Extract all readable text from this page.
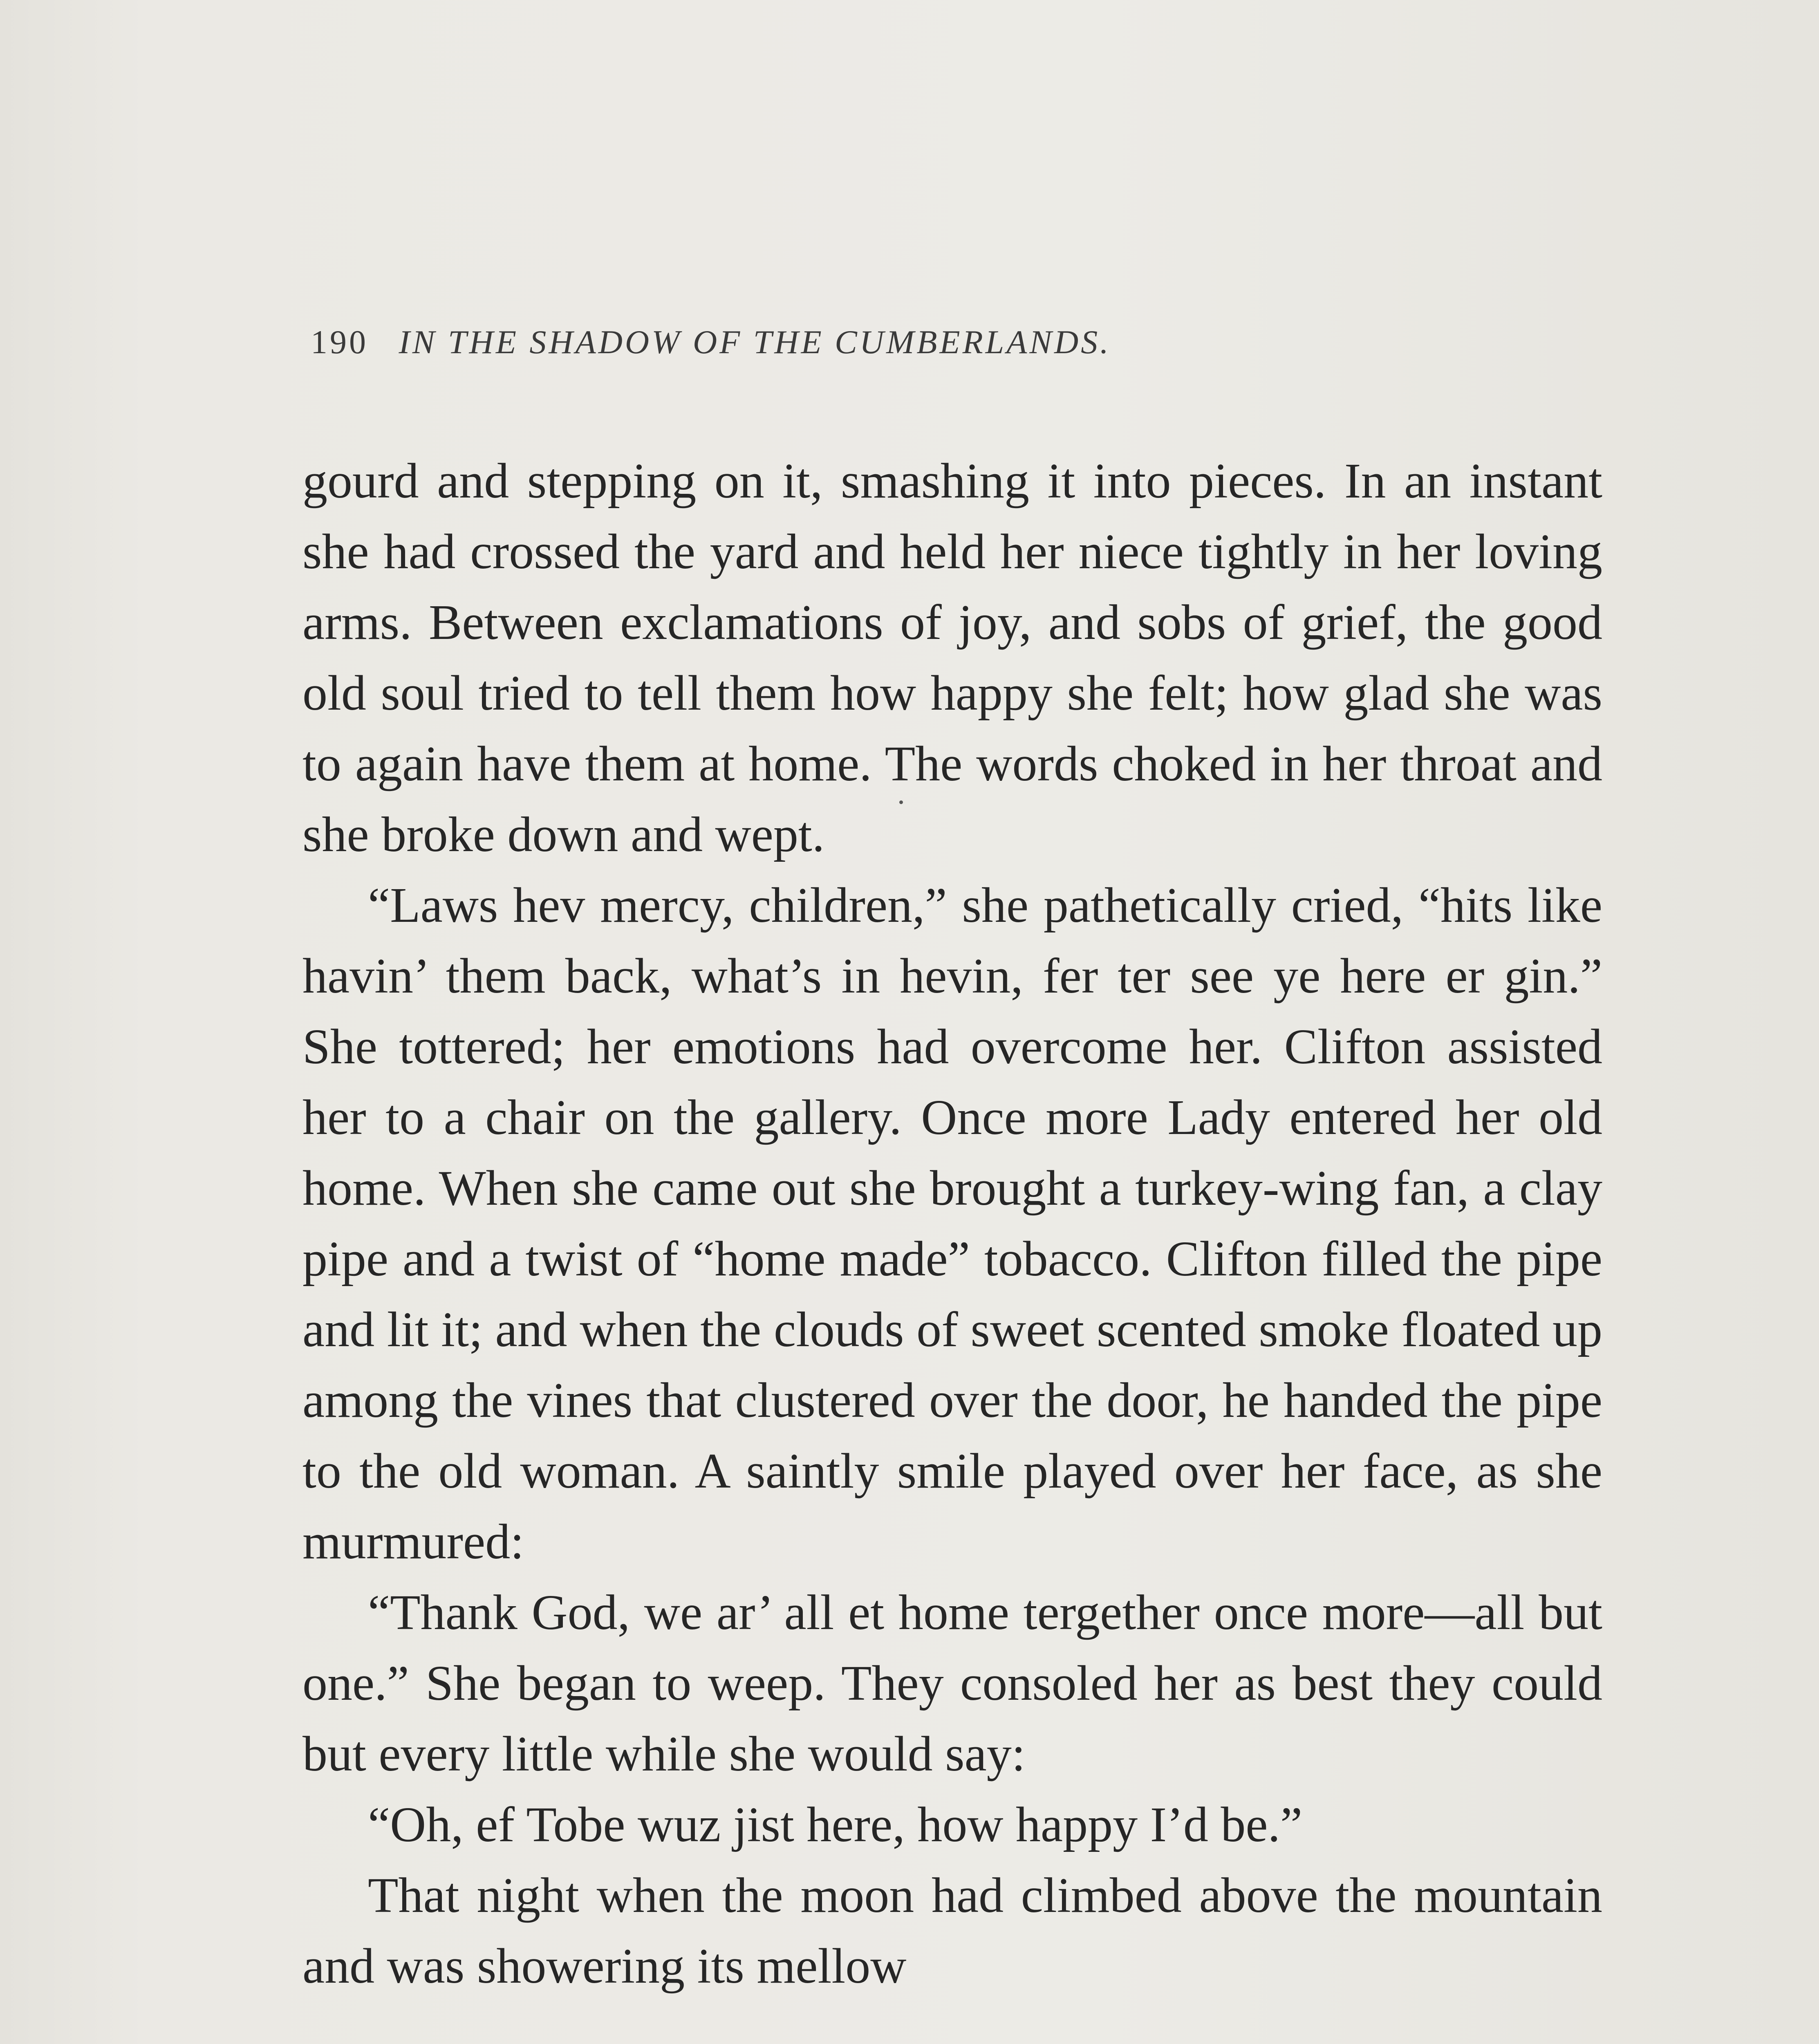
190 IN THE SHADOW OF THE CUMBERLANDS.

gourd and stepping on it, smashing it into pieces. In an instant she had crossed the yard and held her niece tightly in her loving arms. Between exclamations of joy, and sobs of grief, the good old soul tried to tell them how happy she felt; how glad she was to again have them at home. The words choked in her throat and she broke down and wept.

“Laws hev mercy, children,” she pathetically cried, “hits like havin’ them back, what’s in hevin, fer ter see ye here er gin.” She tottered; her emotions had overcome her. Clifton assisted her to a chair on the gallery. Once more Lady entered her old home. When she came out she brought a turkey-wing fan, a clay pipe and a twist of “home made” tobacco. Clifton filled the pipe and lit it; and when the clouds of sweet scented smoke floated up among the vines that clustered over the door, he handed the pipe to the old woman. A saintly smile played over her face, as she murmured:

“Thank God, we ar’ all et home tergether once more—all but one.” She began to weep. They consoled her as best they could but every little while she would say:

“Oh, ef Tobe wuz jist here, how happy I’d be.”

That night when the moon had climbed above the mountain and was showering its mellow
